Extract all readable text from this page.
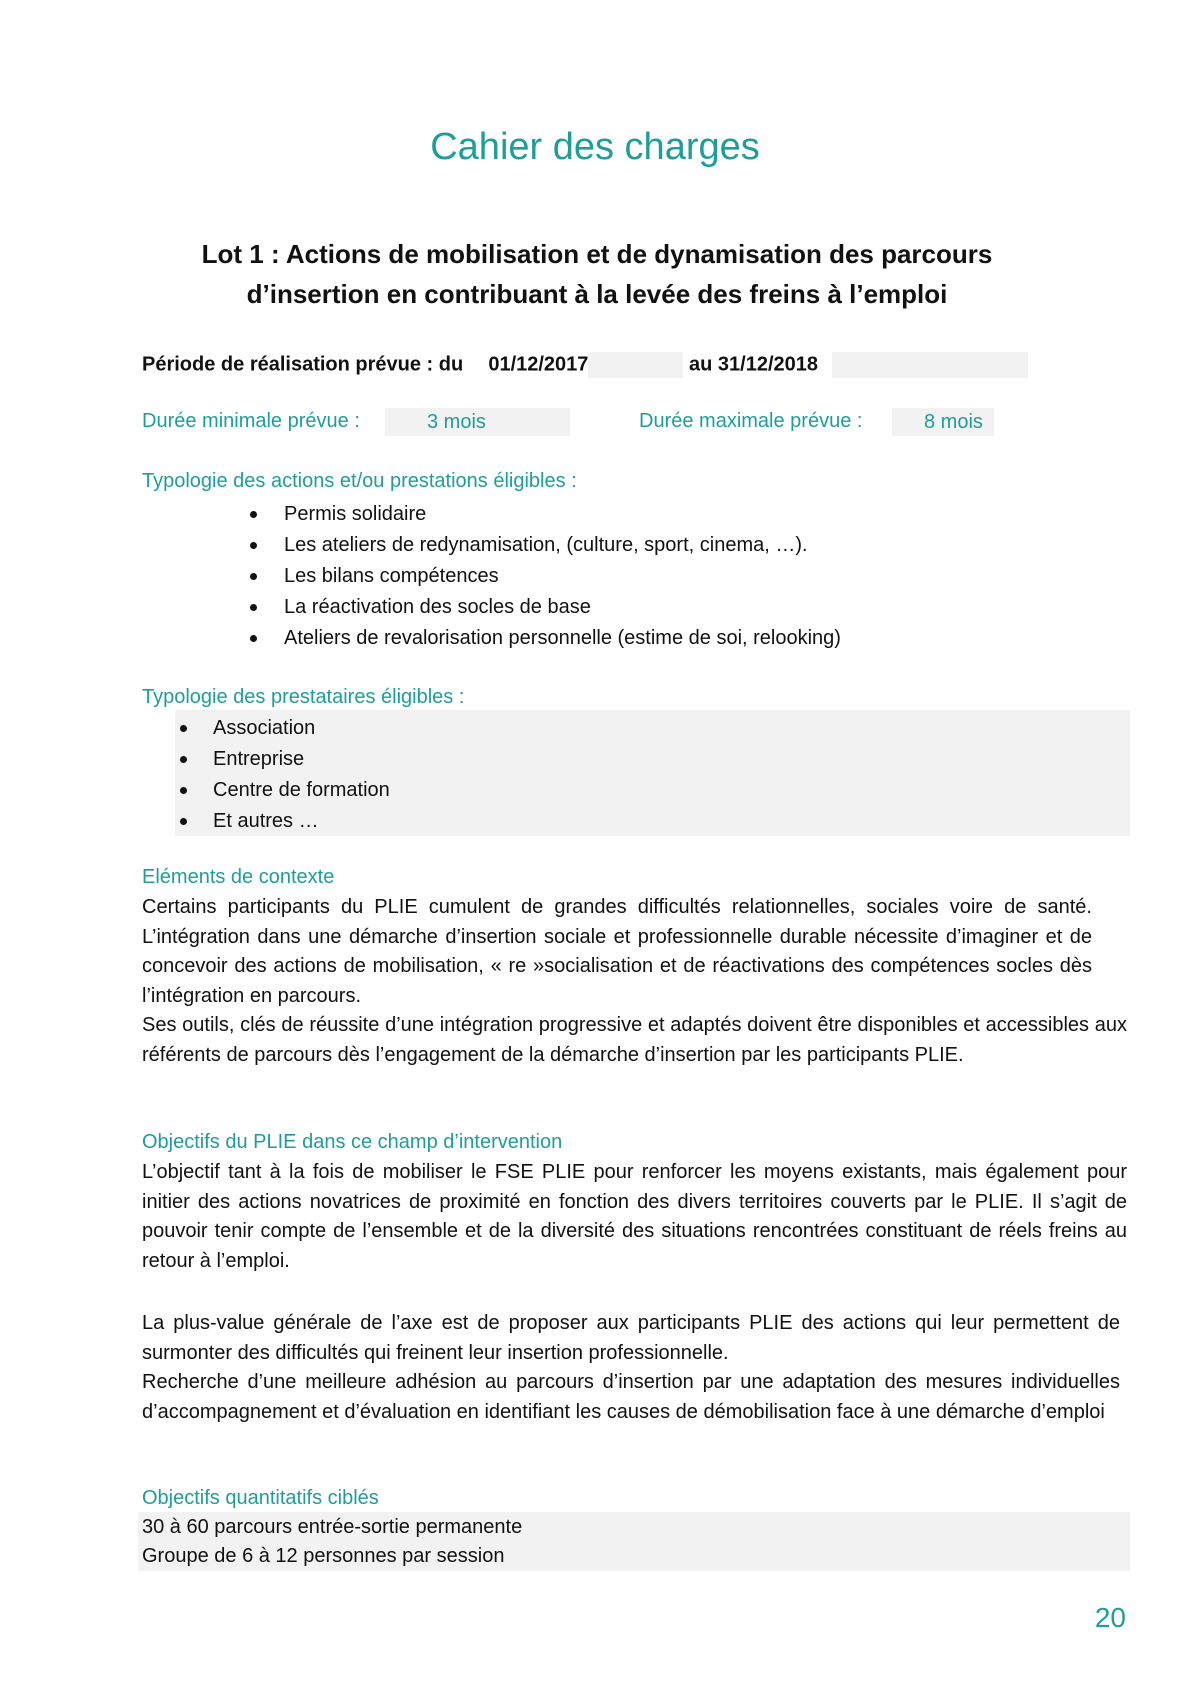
Cahier des charges
Lot 1 : Actions de mobilisation et de dynamisation des parcours d’insertion en contribuant à la levée des freins à l’emploi
Période de réalisation prévue : du 01/12/2017	au 31/12/2018
Durée minimale prévue :	3 mois	Durée maximale prévue :	8 mois
Typologie des actions et/ou prestations éligibles :
Permis solidaire
Les ateliers de redynamisation, (culture, sport, cinema, …).
Les bilans compétences
La réactivation des socles de base
Ateliers de revalorisation personnelle (estime de soi, relooking)
Typologie des prestataires éligibles :
Association
Entreprise
Centre de formation
Et autres …
Eléments de contexte

Certains participants du PLIE cumulent de grandes difficultés relationnelles, sociales voire de santé. L’intégration dans une démarche d’insertion sociale et professionnelle durable nécessite d’imaginer et de concevoir des actions de mobilisation, « re »socialisation et de réactivations des compétences socles dès l’intégration en parcours.

Ses outils, clés de réussite d’une intégration progressive et adaptés doivent être disponibles et accessibles aux référents de parcours dès l’engagement de la démarche d’insertion par les participants PLIE.

Objectifs du PLIE dans ce champ d’intervention

L’objectif tant à la fois de mobiliser le FSE PLIE pour renforcer les moyens existants, mais également pour initier des actions novatrices de proximité en fonction des divers territoires couverts par le PLIE. Il s’agit de pouvoir tenir compte de l’ensemble et de la diversité des situations rencontrées constituant de réels freins au retour à l’emploi.

La plus-value générale de l’axe est de proposer aux participants PLIE des actions qui leur permettent de surmonter des difficultés qui freinent leur insertion professionnelle.

Recherche d’une meilleure adhésion au parcours d’insertion par une adaptation des mesures individuelles d’accompagnement et d’évaluation en identifiant les causes de démobilisation face à une démarche d’emploi

Objectifs quantitatifs ciblés
30 à 60 parcours entrée-sortie permanente
Groupe de 6 à 12 personnes par session
20
